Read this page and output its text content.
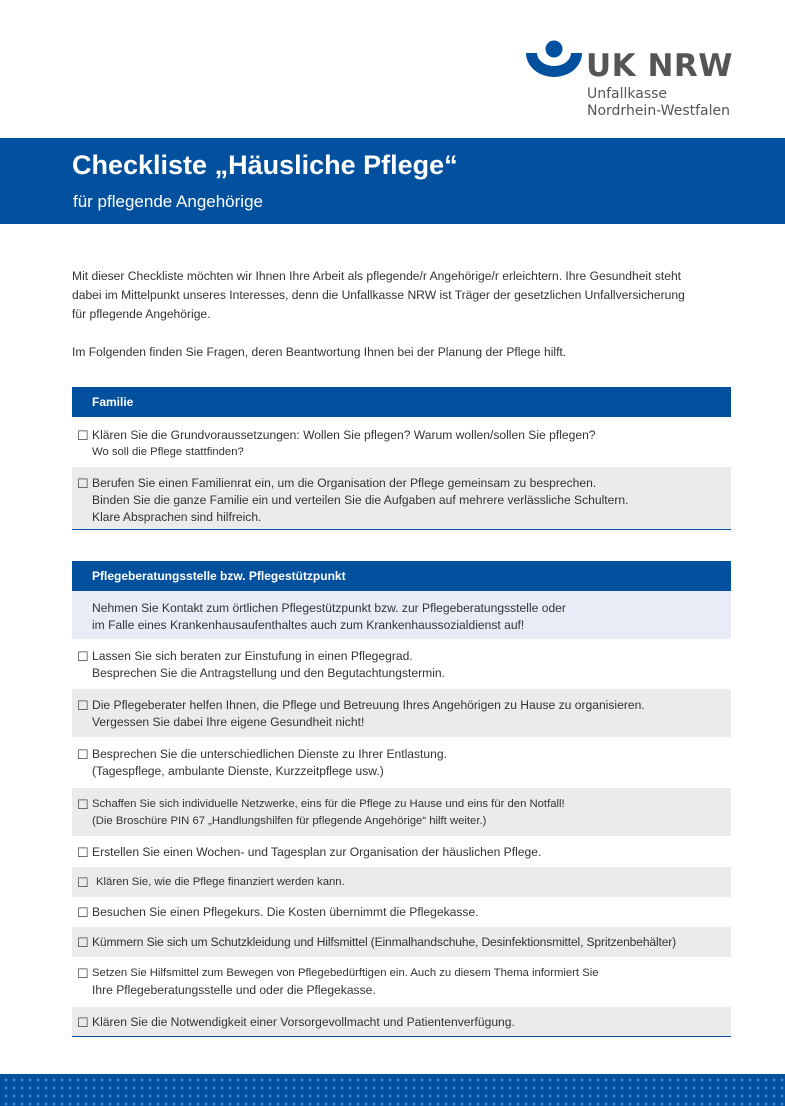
UK NRW
Unfallkasse
Nordrhein-Westfalen
Checkliste „Häusliche Pflege“
für pflegende Angehörige
Mit dieser Checkliste möchten wir Ihnen Ihre Arbeit als pflegende/r Angehörige/r erleichtern. Ihre Gesundheit steht
dabei im Mittelpunkt unseres Interesses, denn die Unfallkasse NRW ist Träger der gesetzlichen Unfallversicherung
für pflegende Angehörige.
Im Folgenden finden Sie Fragen, deren Beantwortung Ihnen bei der Planung der Pflege hilft.
Familie
☐ Klären Sie die Grundvoraussetzungen: Wollen Sie pflegen? Warum wollen/sollen Sie pflegen?
Wo soll die Pflege stattfinden?
☐ Berufen Sie einen Familienrat ein, um die Organisation der Pflege gemeinsam zu besprechen.
Binden Sie die ganze Familie ein und verteilen Sie die Aufgaben auf mehrere verlässliche Schultern.
Klare Absprachen sind hilfreich.
Pflegeberatungsstelle bzw. Pflegestützpunkt
Nehmen Sie Kontakt zum örtlichen Pflegestützpunkt bzw. zur Pflegeberatungsstelle oder
im Falle eines Krankenhausaufenthaltes auch zum Krankenhaussozialdienst auf!
☐ Lassen Sie sich beraten zur Einstufung in einen Pflegegrad.
Besprechen Sie die Antragstellung und den Begutachtungstermin.
☐ Die Pflegeberater helfen Ihnen, die Pflege und Betreuung Ihres Angehörigen zu Hause zu organisieren.
Vergessen Sie dabei Ihre eigene Gesundheit nicht!
☐ Besprechen Sie die unterschiedlichen Dienste zu Ihrer Entlastung.
(Tagespflege, ambulante Dienste, Kurzzeitpflege usw.)
☐ Schaffen Sie sich individuelle Netzwerke, eins für die Pflege zu Hause und eins für den Notfall!
(Die Broschüre PIN 67 „Handlungshilfen für pflegende Angehörige“ hilft weiter.)
☐ Erstellen Sie einen Wochen- und Tagesplan zur Organisation der häuslichen Pflege.
☐ Klären Sie, wie die Pflege finanziert werden kann.
☐ Besuchen Sie einen Pflegekurs. Die Kosten übernimmt die Pflegekasse.
☐ Kümmern Sie sich um Schutzkleidung und Hilfsmittel (Einmalhandschuhe, Desinfektionsmittel, Spritzenbehälter)
☐ Setzen Sie Hilfsmittel zum Bewegen von Pflegebedürftigen ein. Auch zu diesem Thema informiert Sie
Ihre Pflegeberatungsstelle und oder die Pflegekasse.
☐ Klären Sie die Notwendigkeit einer Vorsorgevollmacht und Patientenverfügung.
